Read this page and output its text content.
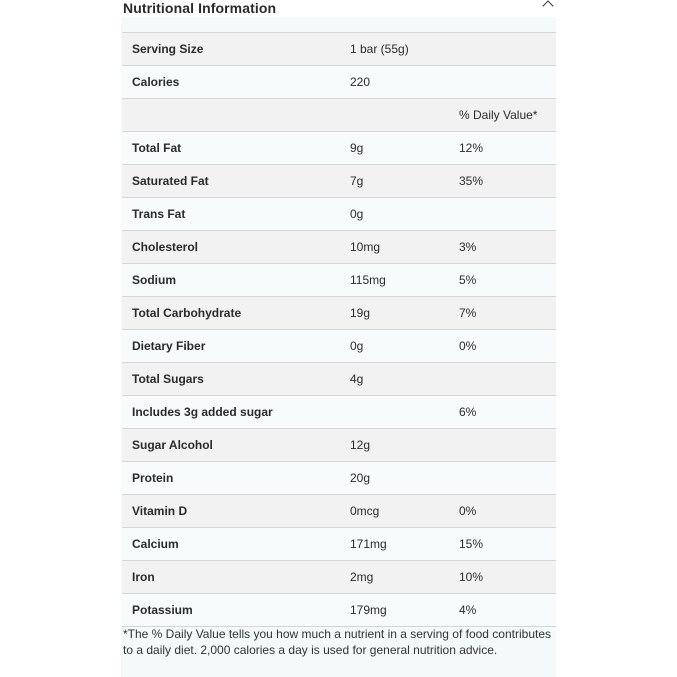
Nutritional Information
Serving Size	1 bar (55g)	
Calories	220	
		% Daily Value*
Total Fat	9g	12%
Saturated Fat	7g	35%
Trans Fat	0g	
Cholesterol	10mg	3%
Sodium	115mg	5%
Total Carbohydrate	19g	7%
Dietary Fiber	0g	0%
Total Sugars	4g	
Includes 3g added sugar		6%
Sugar Alcohol	12g	
Protein	20g	
Vitamin D	0mcg	0%
Calcium	171mg	15%
Iron	2mg	10%
Potassium	179mg	4%
*The % Daily Value tells you how much a nutrient in a serving of food contributes to a daily diet. 2,000 calories a day is used for general nutrition advice.
